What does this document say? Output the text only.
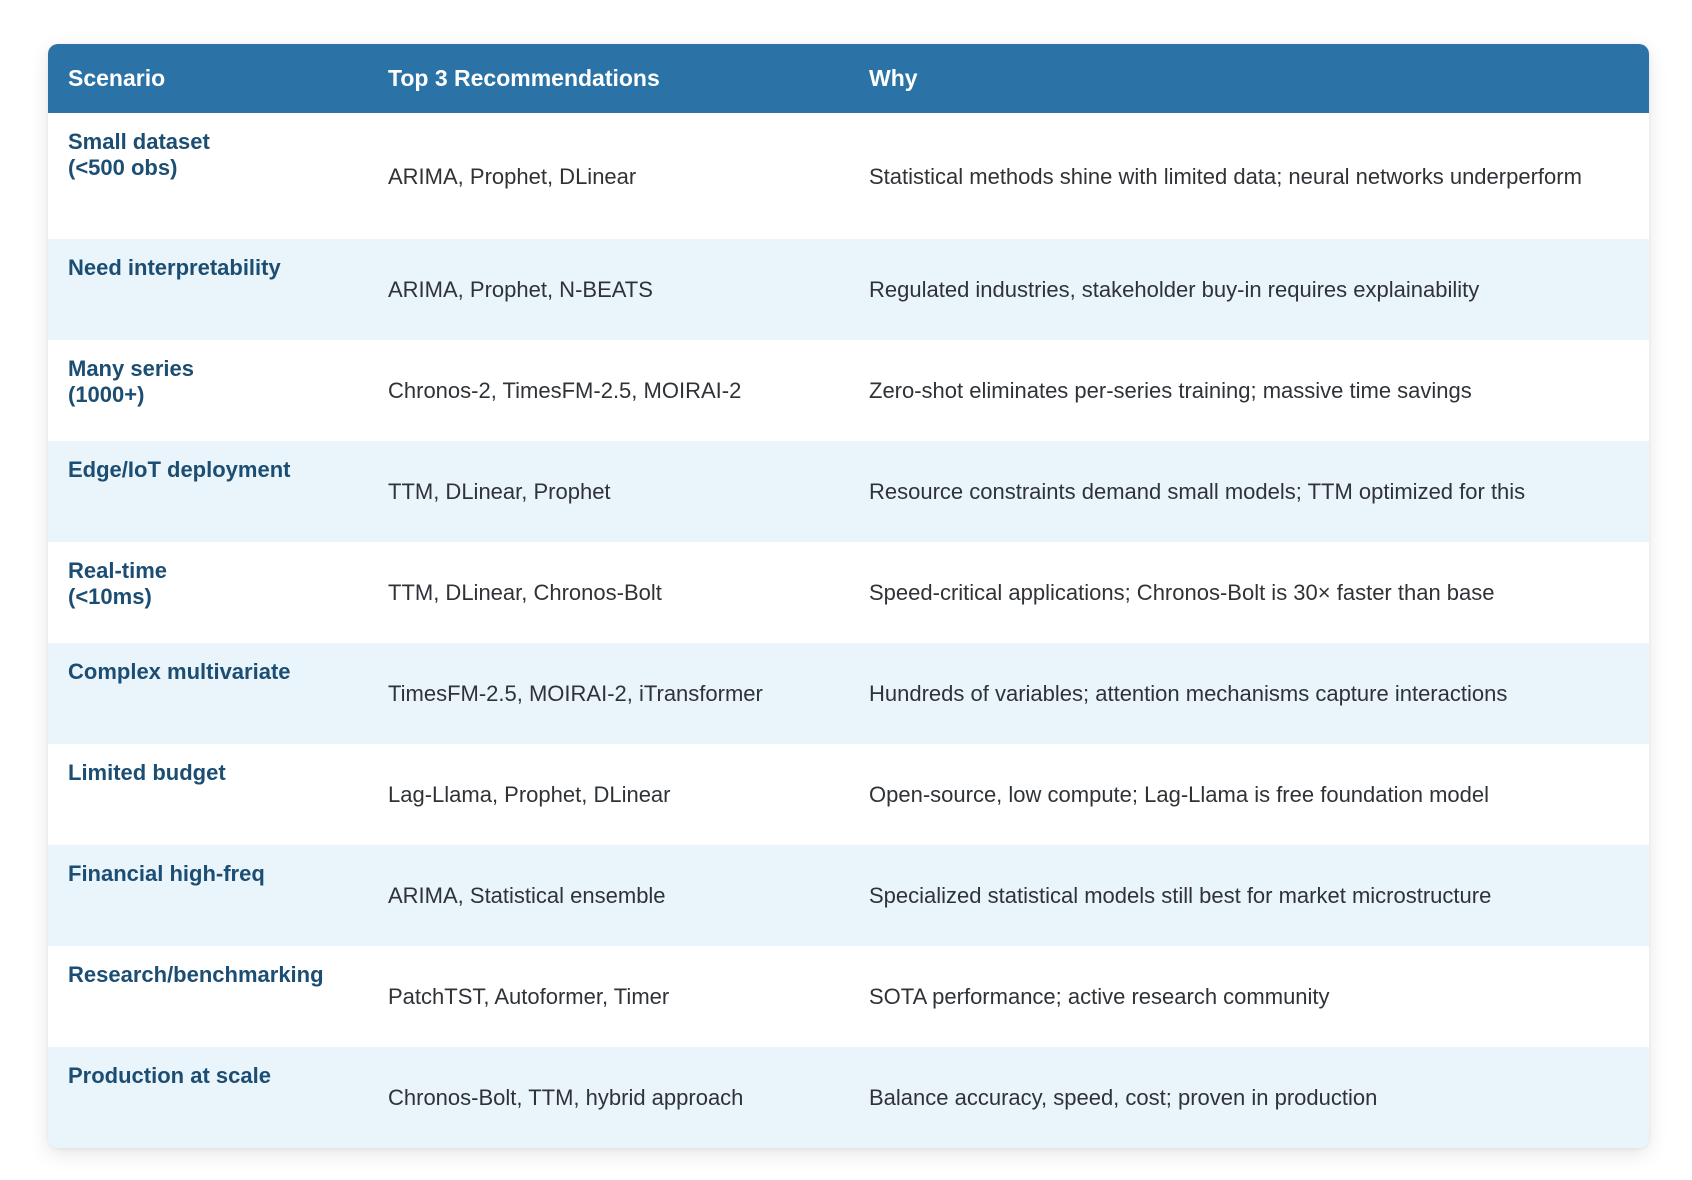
Scenario	Top 3 Recommendations	Why

Small dataset
(<500 obs)	ARIMA, Prophet, DLinear	Statistical methods shine with limited data; neural networks underperform

Need interpretability	ARIMA, Prophet, N-BEATS	Regulated industries, stakeholder buy-in requires explainability

Many series
(1000+)	Chronos-2, TimesFM-2.5, MOIRAI-2	Zero-shot eliminates per-series training; massive time savings

Edge/IoT deployment	TTM, DLinear, Prophet	Resource constraints demand small models; TTM optimized for this

Real-time
(<10ms)	TTM, DLinear, Chronos-Bolt	Speed-critical applications; Chronos-Bolt is 30× faster than base

Complex multivariate	TimesFM-2.5, MOIRAI-2, iTransformer	Hundreds of variables; attention mechanisms capture interactions

Limited budget	Lag-Llama, Prophet, DLinear	Open-source, low compute; Lag-Llama is free foundation model

Financial high-freq	ARIMA, Statistical ensemble	Specialized statistical models still best for market microstructure

Research/benchmarking	PatchTST, Autoformer, Timer	SOTA performance; active research community

Production at scale	Chronos-Bolt, TTM, hybrid approach	Balance accuracy, speed, cost; proven in production
